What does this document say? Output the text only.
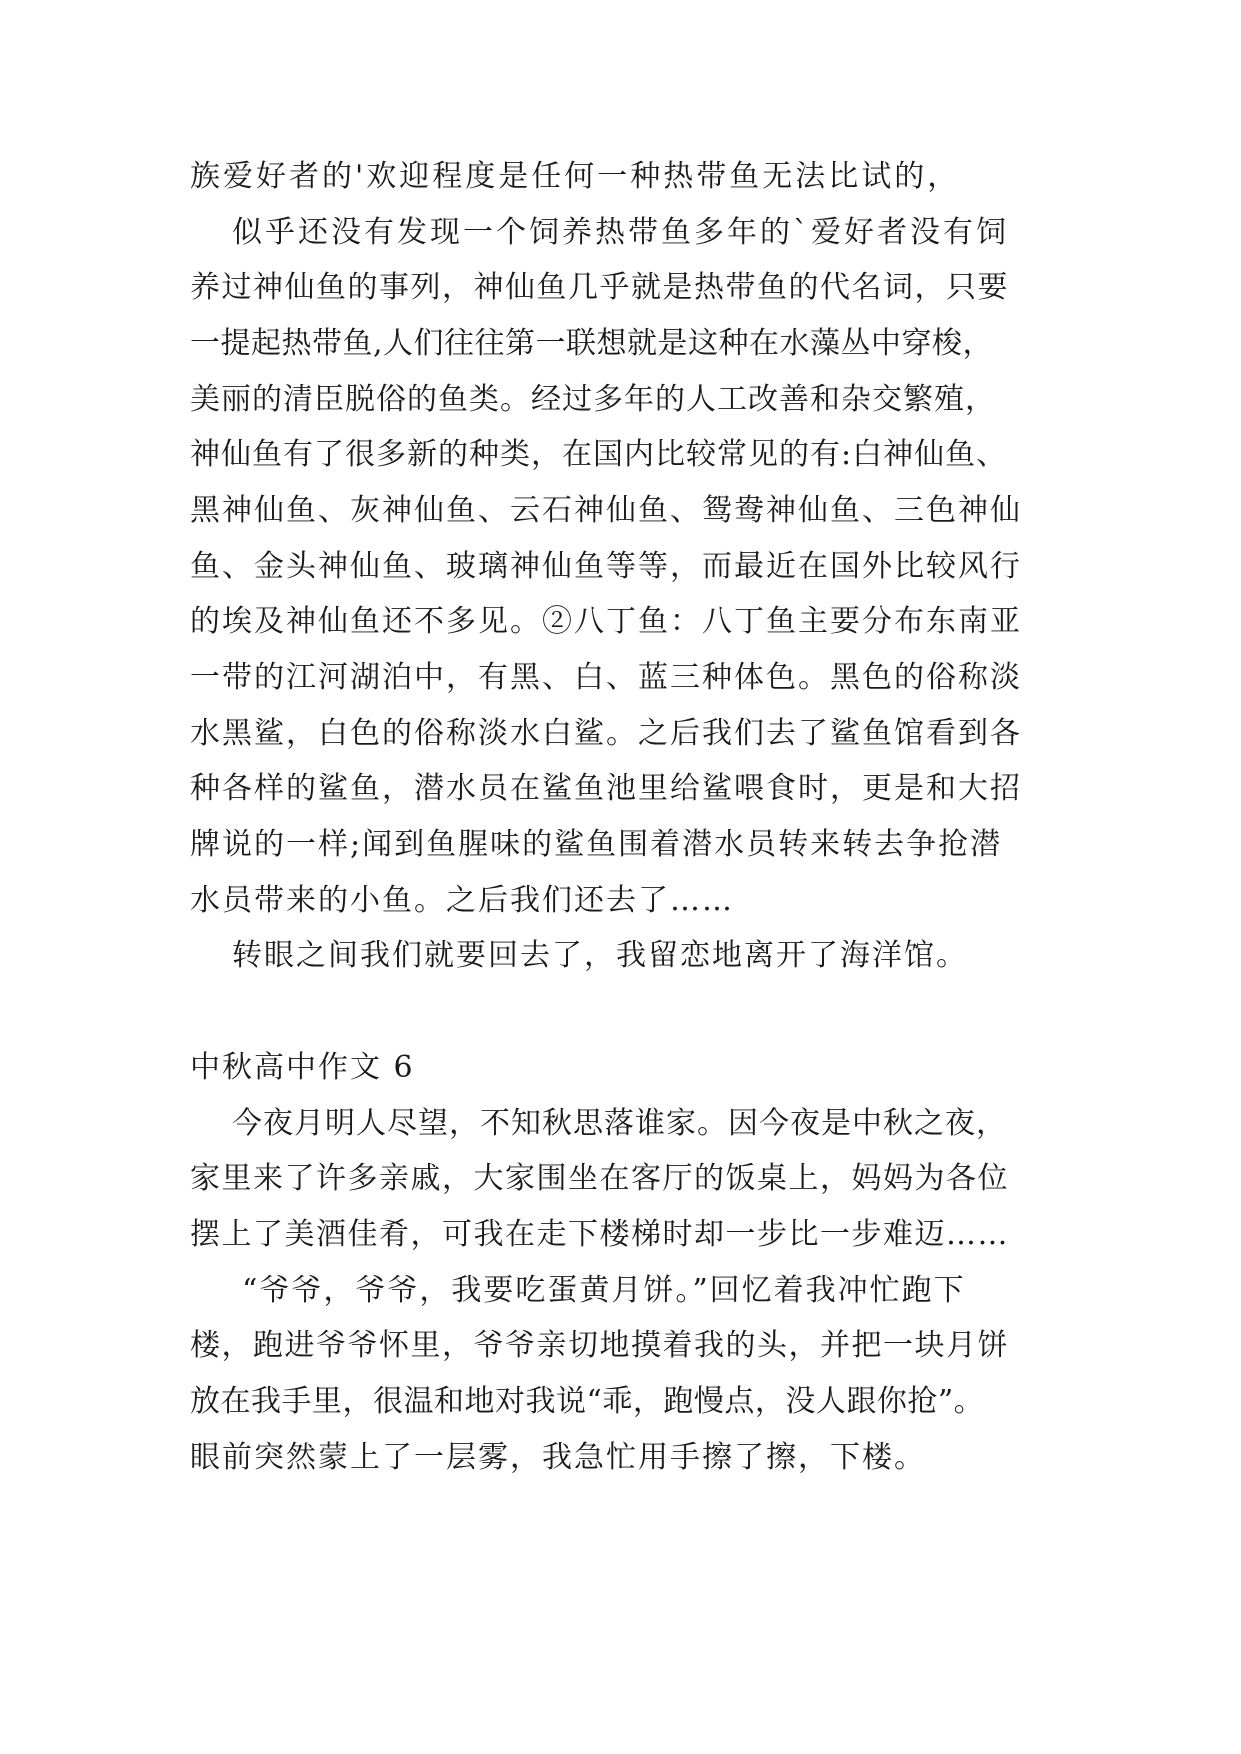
族爱好者的'欢迎程度是任何一种热带鱼无法比试的，
似乎还没有发现一个饲养热带鱼多年的`爱好者没有饲
养过神仙鱼的事列，神仙鱼几乎就是热带鱼的代名词，只要
一提起热带鱼,人们往往第一联想就是这种在水藻丛中穿梭，
美丽的清臣脱俗的鱼类。经过多年的人工改善和杂交繁殖，
神仙鱼有了很多新的种类，在国内比较常见的有:白神仙鱼、
黑神仙鱼、灰神仙鱼、云石神仙鱼、鸳鸯神仙鱼、三色神仙
鱼、金头神仙鱼、玻璃神仙鱼等等，而最近在国外比较风行
的埃及神仙鱼还不多见。②八丁鱼：八丁鱼主要分布东南亚
一带的江河湖泊中，有黑、白、蓝三种体色。黑色的俗称淡
水黑鲨，白色的俗称淡水白鲨。之后我们去了鲨鱼馆看到各
种各样的鲨鱼，潜水员在鲨鱼池里给鲨喂食时，更是和大招
牌说的一样;闻到鱼腥味的鲨鱼围着潜水员转来转去争抢潜
水员带来的小鱼。之后我们还去了……
转眼之间我们就要回去了，我留恋地离开了海洋馆。
中秋高中作文 6
今夜月明人尽望，不知秋思落谁家。因今夜是中秋之夜，
家里来了许多亲戚，大家围坐在客厅的饭桌上，妈妈为各位
摆上了美酒佳肴，可我在走下楼梯时却一步比一步难迈……
“爷爷，爷爷，我要吃蛋黄月饼。”回忆着我冲忙跑下
楼，跑进爷爷怀里，爷爷亲切地摸着我的头，并把一块月饼
放在我手里，很温和地对我说“乖，跑慢点，没人跟你抢”。
眼前突然蒙上了一层雾，我急忙用手擦了擦，下楼。
